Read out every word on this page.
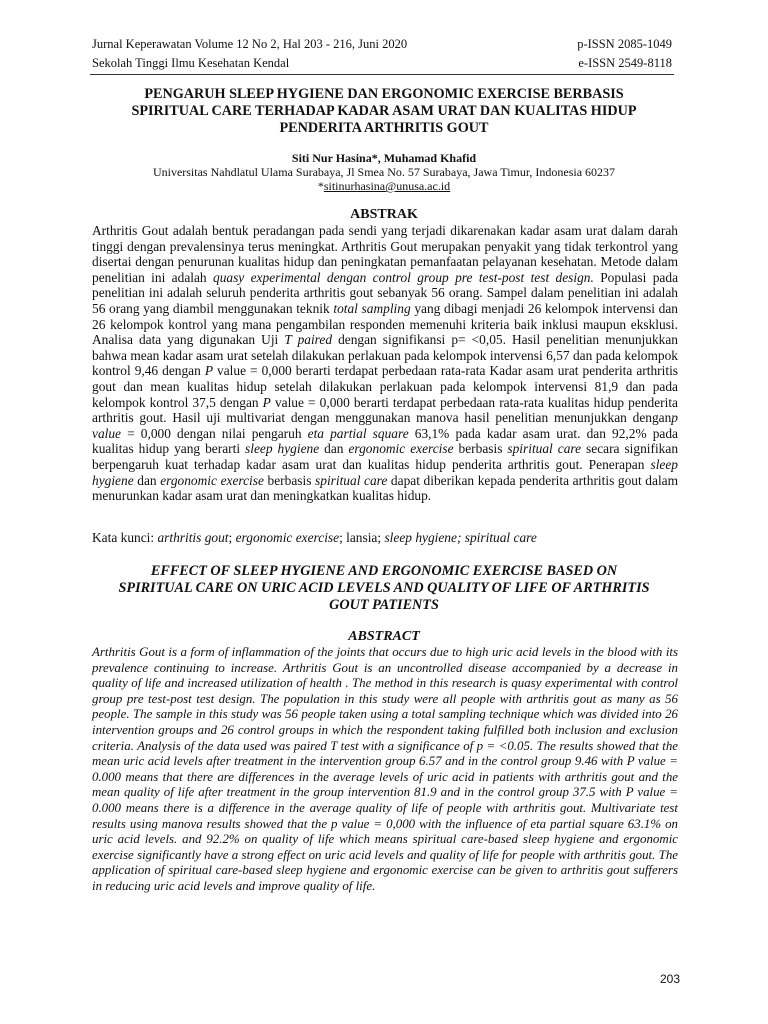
Jurnal Keperawatan Volume 12 No 2, Hal 203 - 216, Juni 2020	p-ISSN 2085-1049
Sekolah Tinggi Ilmu Kesehatan Kendal	e-ISSN 2549-8118
PENGARUH SLEEP HYGIENE DAN ERGONOMIC EXERCISE BERBASIS
SPIRITUAL CARE TERHADAP KADAR ASAM URAT DAN KUALITAS HIDUP
PENDERITA ARTHRITIS GOUT
Siti Nur Hasina*, Muhamad Khafid
Universitas Nahdlatul Ulama Surabaya, Jl Smea No. 57 Surabaya, Jawa Timur, Indonesia 60237
*sitinurhasina@unusa.ac.id
ABSTRAK
Arthritis Gout adalah bentuk peradangan pada sendi yang terjadi dikarenakan kadar asam urat dalam darah tinggi dengan prevalensinya terus meningkat. Arthritis Gout merupakan penyakit yang tidak terkontrol yang disertai dengan penurunan kualitas hidup dan peningkatan pemanfaatan pelayanan kesehatan. Metode dalam penelitian ini adalah quasy experimental dengan control group pre test-post test design. Populasi pada penelitian ini adalah seluruh penderita arthritis gout sebanyak 56 orang. Sampel dalam penelitian ini adalah 56 orang yang diambil menggunakan teknik total sampling yang dibagi menjadi 26 kelompok intervensi dan 26 kelompok kontrol yang mana pengambilan responden memenuhi kriteria baik inklusi maupun eksklusi. Analisa data yang digunakan Uji T paired dengan signifikansi p= <0,05. Hasil penelitian menunjukkan bahwa mean kadar asam urat setelah dilakukan perlakuan pada kelompok intervensi 6,57 dan pada kelompok kontrol 9,46 dengan P value = 0,000 berarti terdapat perbedaan rata-rata Kadar asam urat penderita arthritis gout dan mean kualitas hidup setelah dilakukan perlakuan pada kelompok intervensi 81,9 dan pada kelompok kontrol 37,5 dengan P value = 0,000 berarti terdapat perbedaan rata-rata kualitas hidup penderita arthritis gout. Hasil uji multivariat dengan menggunakan manova hasil penelitian menunjukkan denganp value = 0,000 dengan nilai pengaruh eta partial square 63,1% pada kadar asam urat. dan 92,2% pada kualitas hidup yang berarti sleep hygiene dan ergonomic exercise berbasis spiritual care secara signifikan berpengaruh kuat terhadap kadar asam urat dan kualitas hidup penderita arthritis gout. Penerapan sleep hygiene dan ergonomic exercise berbasis spiritual care dapat diberikan kepada penderita arthritis gout dalam menurunkan kadar asam urat dan meningkatkan kualitas hidup.
Kata kunci: arthritis gout; ergonomic exercise; lansia; sleep hygiene; spiritual care
EFFECT OF SLEEP HYGIENE AND ERGONOMIC EXERCISE BASED ON
SPIRITUAL CARE ON URIC ACID LEVELS AND QUALITY OF LIFE OF ARTHRITIS
GOUT PATIENTS
ABSTRACT
Arthritis Gout is a form of inflammation of the joints that occurs due to high uric acid levels in the blood with its prevalence continuing to increase. Arthritis Gout is an uncontrolled disease accompanied by a decrease in quality of life and increased utilization of health . The method in this research is quasy experimental with control group pre test-post test design. The population in this study were all people with arthritis gout as many as 56 people. The sample in this study was 56 people taken using a total sampling technique which was divided into 26 intervention groups and 26 control groups in which the respondent taking fulfilled both inclusion and exclusion criteria. Analysis of the data used was paired T test with a significance of p = <0.05. The results showed that the mean uric acid levels after treatment in the intervention group 6.57 and in the control group 9.46 with P value = 0.000 means that there are differences in the average levels of uric acid in patients with arthritis gout and the mean quality of life after treatment in the group intervention 81.9 and in the control group 37.5 with P value = 0.000 means there is a difference in the average quality of life of people with arthritis gout. Multivariate test results using manova results showed that the p value = 0,000 with the influence of eta partial square 63.1% on uric acid levels. and 92.2% on quality of life which means spiritual care-based sleep hygiene and ergonomic exercise significantly have a strong effect on uric acid levels and quality of life for people with arthritis gout. The application of spiritual care-based sleep hygiene and ergonomic exercise can be given to arthritis gout sufferers in reducing uric acid levels and improve quality of life.
203
